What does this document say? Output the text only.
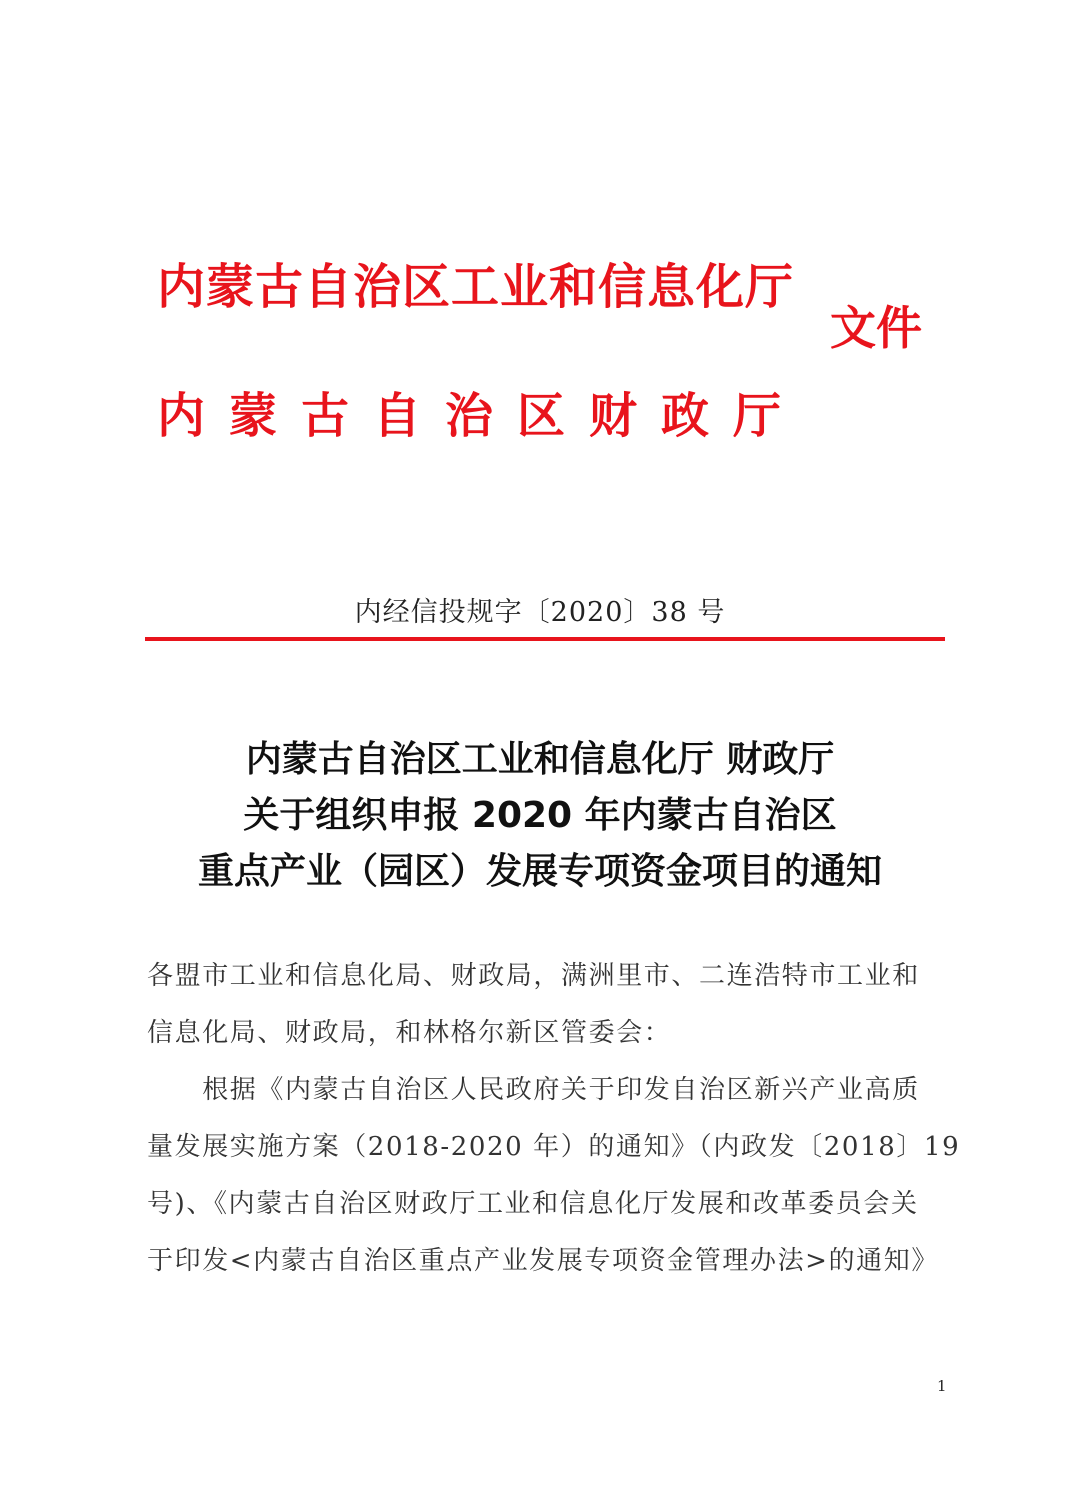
内蒙古自治区工业和信息化厅
内蒙古自治区财政厅
文件
内经信投规字〔2020〕38 号
内蒙古自治区工业和信息化厅 财政厅
关于组织申报 2020 年内蒙古自治区
重点产业（园区）发展专项资金项目的通知
各盟市工业和信息化局、财政局，满洲里市、二连浩特市工业和
信息化局、财政局，和林格尔新区管委会：
　　根据《内蒙古自治区人民政府关于印发自治区新兴产业高质
量发展实施方案（2018-2020 年）的通知》（内政发〔2018〕19
号)、《内蒙古自治区财政厅工业和信息化厅发展和改革委员会关
于印发<内蒙古自治区重点产业发展专项资金管理办法>的通知》
1
